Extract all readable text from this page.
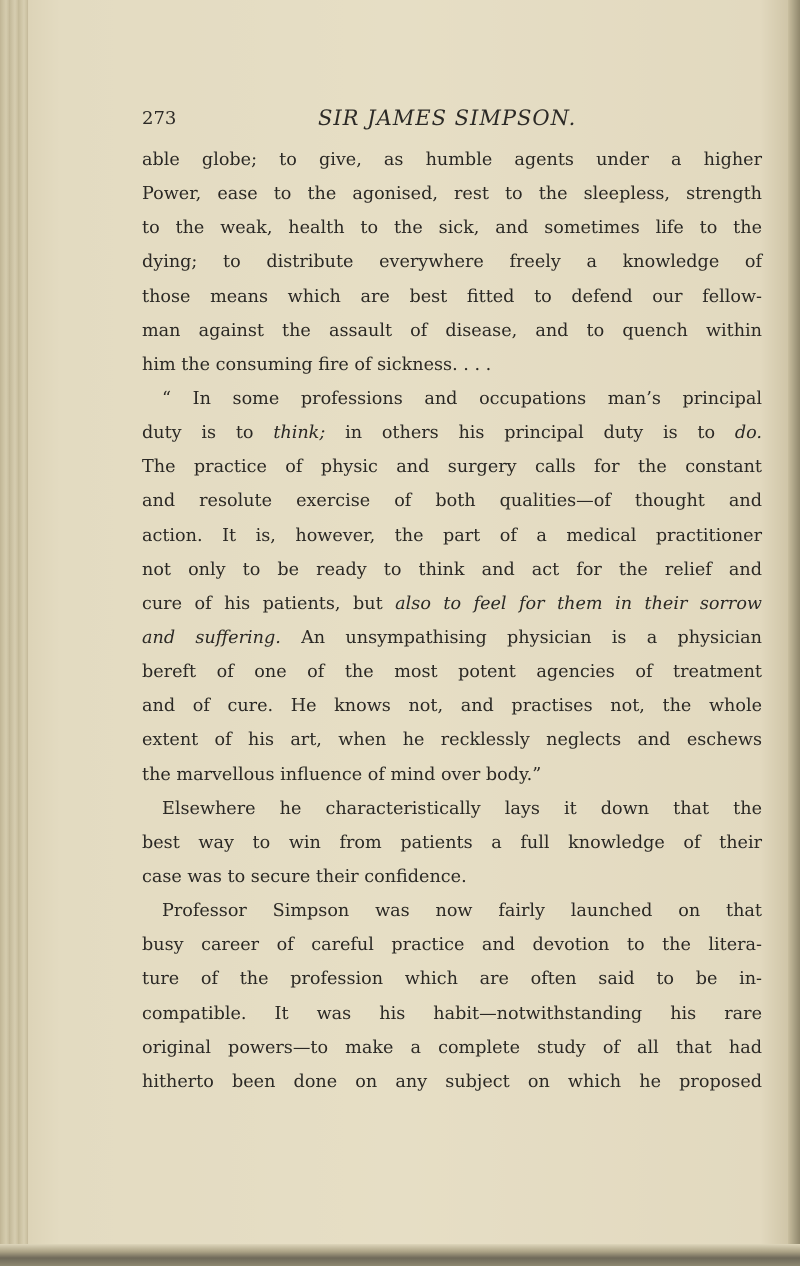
273	SIR JAMES SIMPSON.
able globe; to give, as humble agents under a higher
Power, ease to the agonised, rest to the sleepless, strength
to the weak, health to the sick, and sometimes life to the
dying; to distribute everywhere freely a knowledge of
those means which are best fitted to defend our fellow-
man against the assault of disease, and to quench within
him the consuming fire of sickness. . . .
“ In some professions and occupations man’s principal
duty is to think; in others his principal duty is to do.
The practice of physic and surgery calls for the constant
and resolute exercise of both qualities—of thought and
action. It is, however, the part of a medical practitioner
not only to be ready to think and act for the relief and
cure of his patients, but also to feel for them in their sorrow
and suffering. An unsympathising physician is a physician
bereft of one of the most potent agencies of treatment
and of cure. He knows not, and practises not, the whole
extent of his art, when he recklessly neglects and eschews
the marvellous influence of mind over body.”
Elsewhere he characteristically lays it down that the
best way to win from patients a full knowledge of their
case was to secure their confidence.
Professor Simpson was now fairly launched on that
busy career of careful practice and devotion to the litera-
ture of the profession which are often said to be in-
compatible. It was his habit—notwithstanding his rare
original powers—to make a complete study of all that had
hitherto been done on any subject on which he proposed
